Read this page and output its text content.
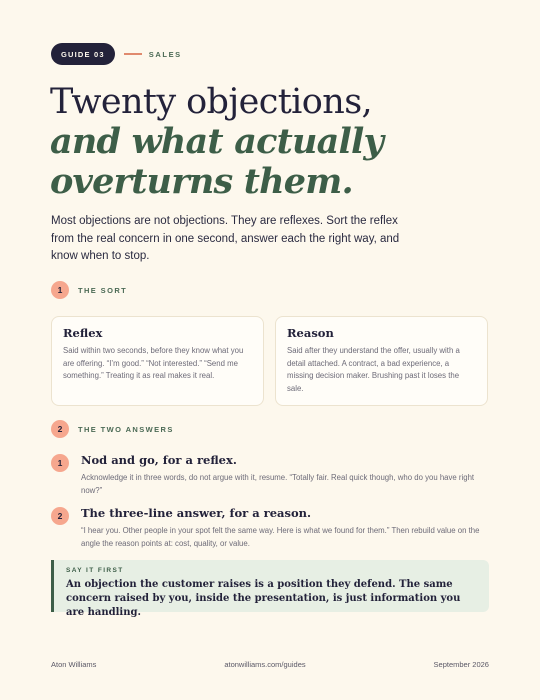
GUIDE 03	SALES
Twenty objections,
and what actually
overturns them.

Most objections are not objections. They are reflexes. Sort the reflex from the real concern in one second, answer each the right way, and know when to stop.

1	THE SORT
Reflex

Said within two seconds, before they know what you are offering. “I’m good.” “Not interested.” “Send me something.” Treating it as real makes it real.

Reason

Said after they understand the offer, usually with a detail attached. A contract, a bad experience, a missing decision maker. Brushing past it loses the sale.

2	THE TWO ANSWERS
1	Nod and go, for a reflex.

Acknowledge it in three words, do not argue with it, resume. “Totally fair. Real quick though, who do you have right now?”

2	The three-line answer, for a reason.

“I hear you. Other people in your spot felt the same way. Here is what we found for them.” Then rebuild value on the angle the reason points at: cost, quality, or value.

SAY IT FIRST
An objection the customer raises is a position they defend. The same concern raised by you, inside the presentation, is just information you are handling.
Aton Williams	atonwilliams.com/guides	September 2026
